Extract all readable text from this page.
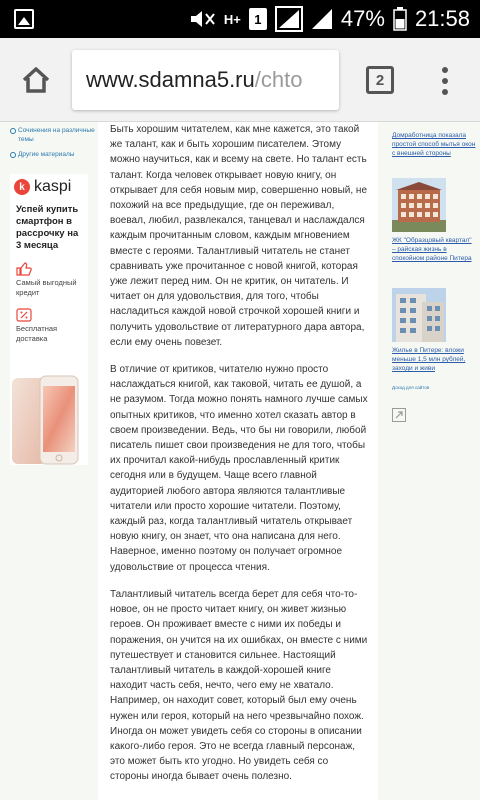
H+	1	47% 21:58
www.sdamna5.ru /chto	2
Сочинения на различные темы
Другие материалы
k kaspi
Успей купить смартфон в рассрочку на 3 месяца
Самый выгодный кредит
Бесплатная доставка

Быть хорошим читателем, как мне кажется, это такой же талант, как и быть хорошим писателем. Этому можно научиться, как и всему на свете. Но талант есть талант. Когда человек открывает новую книгу, он открывает для себя новым мир, совершенно новый, не похожий на все предыдущие, где он переживал, воевал, любил, развлекался, танцевал и наслаждался каждым прочитанным словом, каждым мгновением вместе с героями. Талантливый читатель не станет сравнивать уже прочитанное с новой книгой, которая уже лежит перед ним. Он не критик, он читатель. И читает он для удовольствия, для того, чтобы насладиться каждой новой строчкой хорошей книги и получить удовольствие от литературного дара автора, если ему очень повезет.

В отличие от критиков, читателю нужно просто наслаждаться книгой, как таковой, читать ее душой, а не разумом. Тогда можно понять намного лучше самых опытных критиков, что именно хотел сказать автор в своем произведении. Ведь, что бы ни говорили, любой писатель пишет свои произведения не для того, чтобы их прочитал какой-нибудь прославленный критик сегодня или в будущем. Чаще всего главной аудиторией любого автора являются талантливые читатели или просто хорошие читатели. Поэтому, каждый раз, когда талантливый читатель открывает новую книгу, он знает, что она написана для него. Наверное, именно поэтому он получает огромное удовольствие от процесса чтения.

Талантливый читатель всегда берет для себя что-то-новое, он не просто читает книгу, он живет жизнью героев. Он проживает вместе с ними их победы и поражения, он учится на их ошибках, он вместе с ними путешествует и становится сильнее. Настоящий талантливый читатель в каждой-хорошей книге находит часть себя, нечто, чего ему не хватало. Например, он находит совет, который был ему очень нужен или героя, который на него чрезвычайно похож. Иногда он может увидеть себя со стороны в описании какого-либо героя. Это не всегда главный персонаж, это может быть кто угодно. Но увидеть себя со стороны иногда бывает очень полезно.

Домработница показала простой способ мытья окон с внешней стороны
ЖК "Образцовый квартал" – райская жизнь в спокойном районе Питера
Жилье в Питере: вложи меньше 1,5 млн рублей, заходи и живи
Доход для сайтов
